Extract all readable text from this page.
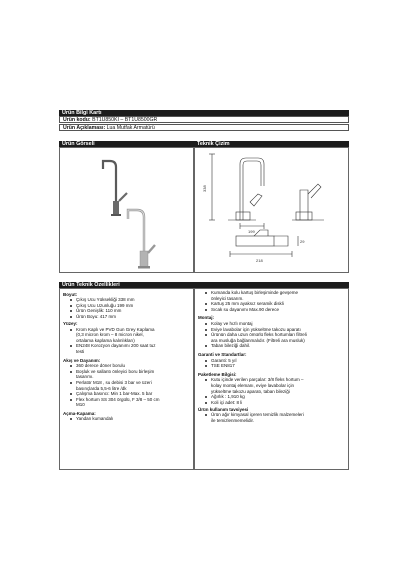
Ürün Bilgi Kartı
Ürün kodu: BT1U850KI – BT1U8500GR
Ürün Açıklaması: Lua Mutfak Armatürü
Ürün Görseli	Teknik Çizim
338
199
218
29
Ürün Teknik Özellikleri
Boyut:
Çıkış Ucu Yüksekliği 338 mm
Çıkış Ucu Uzunluğu 199 mm
Ürün Genişlik: 110 mm
Ürün Boyu: 417 mm
Yüzey:
Krom Kaplı ve PVD Gun Grey Kaplama
(0,3 micron krom – 8 micron nikel,
ortalama kaplama kalınlıkları)
EN248 Korozyon dayanımı 200 saat tuz
testi
Akış ve Dayanım:
360 derece döner borulu
Boşluk ve sallantı önleyici boru birleşim
tasarımı.
Perlatör M18 , su debisi 3 bar ve üzeri
basınçlarda 5,5-6 litre /dk
Çalışma basıncı: Min 1 bar-Max. 5 bar
Flex hortum SS 304 örgülü, F 3/8 – 50 cm
M10
Açma-Kapama:
Yandan kumandalı
Kumanda kolu kartuş birleşiminde gevşeme
önleyici tasarım.
Kartuş 25 mm ayaksız seramik diskli
Sıcak su dayanımı Max.90 derece
Montaj:
Kolay ve hızlı montaj
Eviye lavabolar için yükseltme takozu aparatı
Ürünün daha uzun ömürlü fleks hortumları filtreli
ara musluğa bağlanmalıdır. (Filtreli ara musluk)
Taban bileziği dahil.
Garanti ve Standartlar:
Garanti: 5 yıl
TSE EN817
Paketleme Bilgisi:
Kutu içinde verilen parçalar: 3/8 fleks hortum –
kolay montaj elemanı, eviye lavabolar için
yükseltme takozu aparatı, taban bileziği
Ağırlık : 1,910 kg
Koli içi adet: 8 li
Ürün kullanım tavsiyesi
Ürün ağır kimyasal içeren temizlik malzemeleri
ile temizlenmemelidir.
